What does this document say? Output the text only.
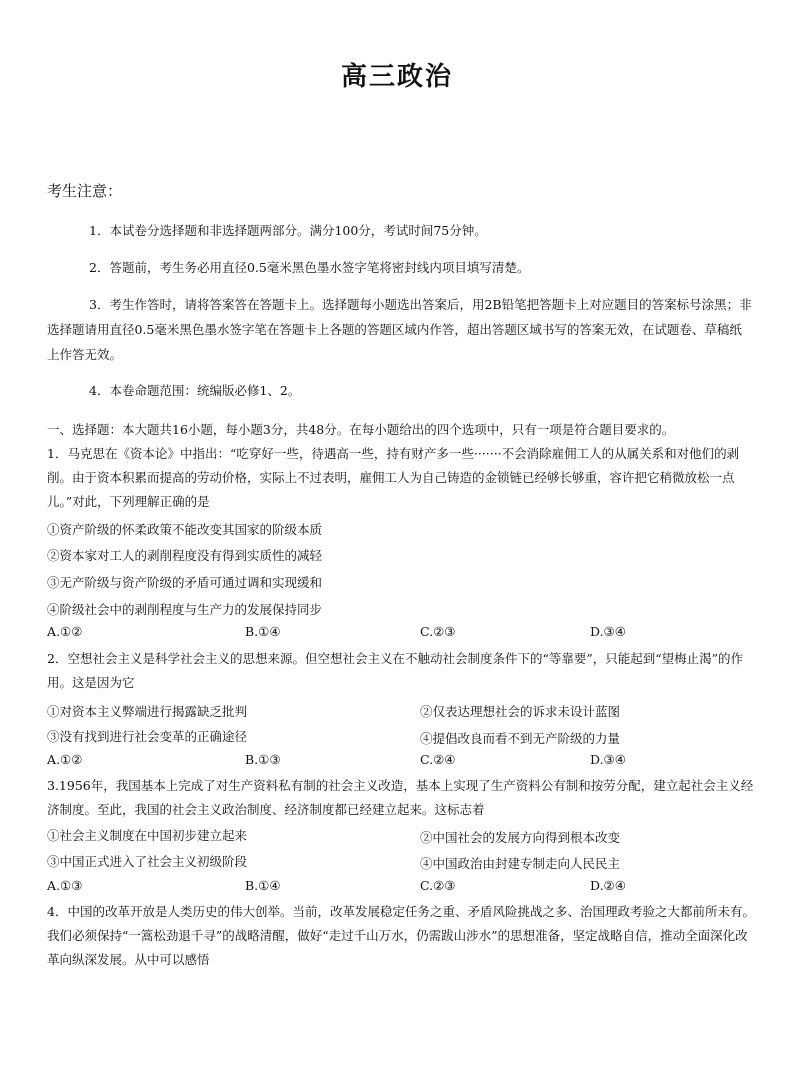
高三政治
考生注意：
1．本试卷分选择题和非选择题两部分。满分100分，考试时间75分钟。
2．答题前，考生务必用直径0.5毫米黑色墨水签字笔将密封线内项目填写清楚。
3．考生作答时，请将答案答在答题卡上。选择题每小题选出答案后，用2B铅笔把答题卡上对应题目的答案标号涂黑；非选择题请用直径0.5毫米黑色墨水签字笔在答题卡上各题的答题区域内作答，超出答题区域书写的答案无效，在试题卷、草稿纸上作答无效。
4．本卷命题范围：统编版必修1、2。
一、选择题：本大题共16小题，每小题3分，共48分。在每小题给出的四个选项中，只有一项是符合题目要求的。
1．马克思在《资本论》中指出：“吃穿好一些，待遇高一些，持有财产多一些·······不会消除雇佣工人的从属关系和对他们的剥削。由于资本积累而提高的劳动价格，实际上不过表明，雇佣工人为自己铸造的金锁链已经够长够重，容许把它稍微放松一点儿。”对此，下列理解正确的是
①资产阶级的怀柔政策不能改变其国家的阶级本质
②资本家对工人的剥削程度没有得到实质性的减轻
③无产阶级与资产阶级的矛盾可通过调和实现缓和
④阶级社会中的剥削程度与生产力的发展保持同步
A.①②	B.①④	C.②③	D.③④
2．空想社会主义是科学社会主义的思想来源。但空想社会主义在不触动社会制度条件下的“等靠要”，只能起到“望梅止渴”的作用。这是因为它
①对资本主义弊端进行揭露缺乏批判	②仅表达理想社会的诉求未设计蓝图
③没有找到进行社会变革的正确途径	④提倡改良而看不到无产阶级的力量
A.①②	B.①③	C.②④	D.③④
3.1956年，我国基本上完成了对生产资料私有制的社会主义改造，基本上实现了生产资料公有制和按劳分配，建立起社会主义经济制度。至此，我国的社会主义政治制度、经济制度都已经建立起来。这标志着
①社会主义制度在中国初步建立起来	②中国社会的发展方向得到根本改变
③中国正式进入了社会主义初级阶段	④中国政治由封建专制走向人民民主
A.①③	B.①④	C.②③	D.②④
4．中国的改革开放是人类历史的伟大创举。当前，改革发展稳定任务之重、矛盾风险挑战之多、治国理政考验之大都前所未有。我们必须保持“一篙松劲退千寻”的战略清醒，做好“走过千山万水，仍需跋山涉水”的思想准备，坚定战略自信，推动全面深化改革向纵深发展。从中可以感悟
